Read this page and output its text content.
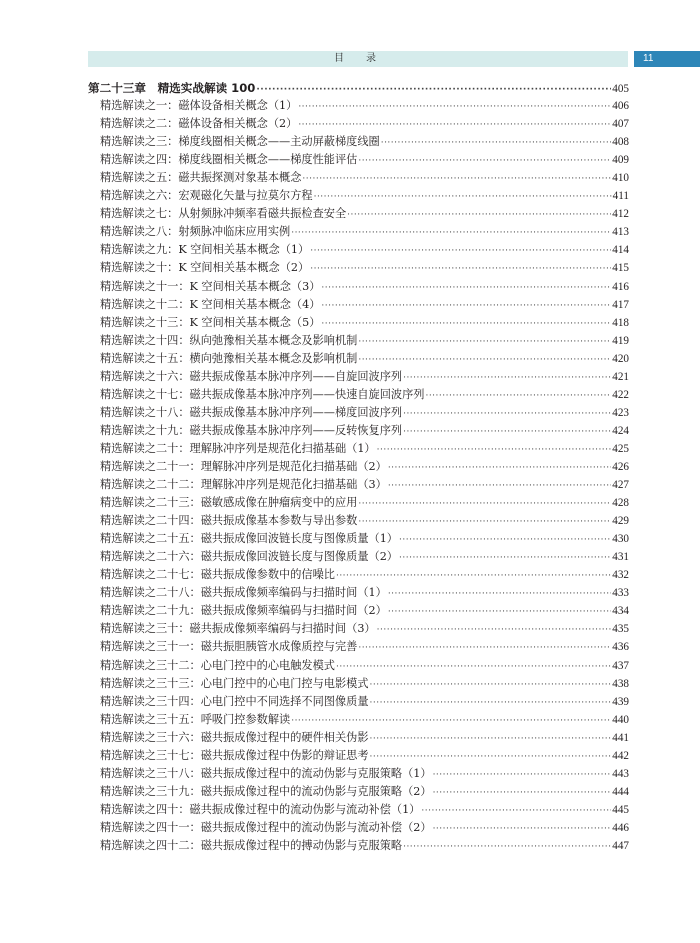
目　录	11
第二十三章　精选实战解读 100 ·····	405
精选解读之一：磁体设备相关概念（1） ·····	406
精选解读之二：磁体设备相关概念（2） ·····	407
精选解读之三：梯度线圈相关概念——主动屏蔽梯度线圈 ·····	408
精选解读之四：梯度线圈相关概念——梯度性能评估 ·····	409
精选解读之五：磁共振探测对象基本概念 ·····	410
精选解读之六：宏观磁化矢量与拉莫尔方程 ·····	411
精选解读之七：从射频脉冲频率看磁共振检查安全 ·····	412
精选解读之八：射频脉冲临床应用实例 ·····	413
精选解读之九：K 空间相关基本概念（1） ·····	414
精选解读之十：K 空间相关基本概念（2） ·····	415
精选解读之十一：K 空间相关基本概念（3） ·····	416
精选解读之十二：K 空间相关基本概念（4） ·····	417
精选解读之十三：K 空间相关基本概念（5） ·····	418
精选解读之十四：纵向弛豫相关基本概念及影响机制 ·····	419
精选解读之十五：横向弛豫相关基本概念及影响机制 ·····	420
精选解读之十六：磁共振成像基本脉冲序列——自旋回波序列 ·····	421
精选解读之十七：磁共振成像基本脉冲序列——快速自旋回波序列 ·····	422
精选解读之十八：磁共振成像基本脉冲序列——梯度回波序列 ·····	423
精选解读之十九：磁共振成像基本脉冲序列——反转恢复序列 ·····	424
精选解读之二十：理解脉冲序列是规范化扫描基础（1） ·····	425
精选解读之二十一：理解脉冲序列是规范化扫描基础（2） ·····	426
精选解读之二十二：理解脉冲序列是规范化扫描基础（3） ·····	427
精选解读之二十三：磁敏感成像在肿瘤病变中的应用 ·····	428
精选解读之二十四：磁共振成像基本参数与导出参数 ·····	429
精选解读之二十五：磁共振成像回波链长度与图像质量（1） ·····	430
精选解读之二十六：磁共振成像回波链长度与图像质量（2） ·····	431
精选解读之二十七：磁共振成像参数中的信噪比 ·····	432
精选解读之二十八：磁共振成像频率编码与扫描时间（1） ·····	433
精选解读之二十九：磁共振成像频率编码与扫描时间（2） ·····	434
精选解读之三十：磁共振成像频率编码与扫描时间（3） ·····	435
精选解读之三十一：磁共振胆胰管水成像质控与完善 ·····	436
精选解读之三十二：心电门控中的心电触发模式 ·····	437
精选解读之三十三：心电门控中的心电门控与电影模式 ·····	438
精选解读之三十四：心电门控中不同选择不同图像质量 ·····	439
精选解读之三十五：呼吸门控参数解读 ·····	440
精选解读之三十六：磁共振成像过程中的硬件相关伪影 ·····	441
精选解读之三十七：磁共振成像过程中伪影的辩证思考 ·····	442
精选解读之三十八：磁共振成像过程中的流动伪影与克服策略（1） ·····	443
精选解读之三十九：磁共振成像过程中的流动伪影与克服策略（2） ·····	444
精选解读之四十：磁共振成像过程中的流动伪影与流动补偿（1） ·····	445
精选解读之四十一：磁共振成像过程中的流动伪影与流动补偿（2） ·····	446
精选解读之四十二：磁共振成像过程中的搏动伪影与克服策略 ·····	447
